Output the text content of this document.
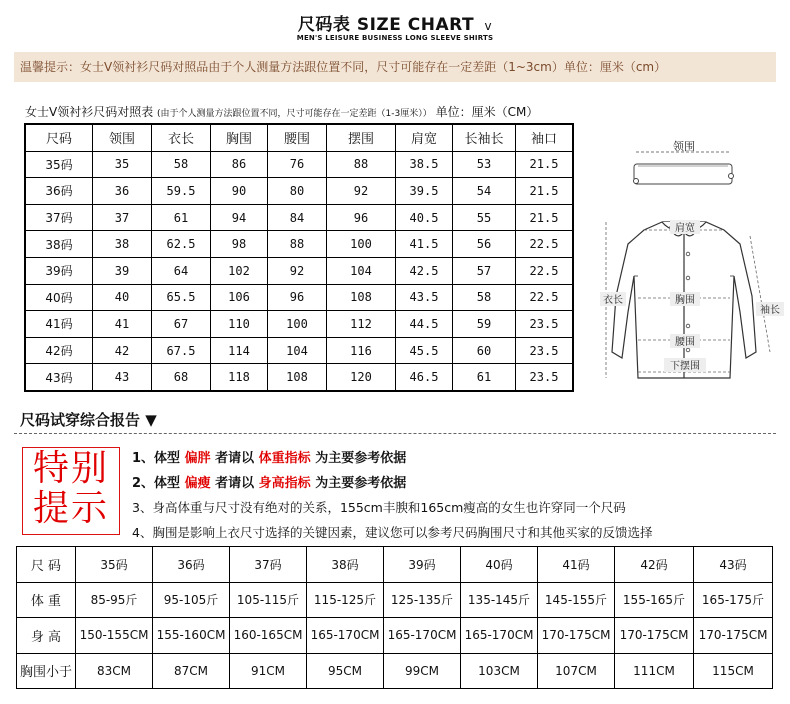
尺码表 SIZE CHART v
MEN'S LEISURE BUSINESS LONG SLEEVE SHIRTS
温馨提示：女士V领衬衫尺码对照品由于个人测量方法跟位置不同，尺寸可能存在一定差距（1~3cm）单位：厘米（cm）
女士V领衬衫尺码对照表 (由于个人测量方法跟位置不同，尺寸可能存在一定差距（1-3厘米）） 单位：厘米（CM）
尺码	领围	衣长	胸围	腰围	摆围	肩宽	长袖长	袖口
35码	35	58	86	76	88	38.5	53	21.5
36码	36	59.5	90	80	92	39.5	54	21.5
37码	37	61	94	84	96	40.5	55	21.5
38码	38	62.5	98	88	100	41.5	56	22.5
39码	39	64	102	92	104	42.5	57	22.5
40码	40	65.5	106	96	108	43.5	58	22.5
41码	41	67	110	100	112	44.5	59	23.5
42码	42	67.5	114	104	116	45.5	60	23.5
43码	43	68	118	108	120	46.5	61	23.5
领围
肩宽
衣长	胸围
袖长
腰围
下摆围
尺码试穿综合报告 ▼
特别
提示
1、体型 偏胖 者请以 体重指标 为主要参考依据
2、体型 偏瘦 者请以 身高指标 为主要参考依据
3、身高体重与尺寸没有绝对的关系，155cm丰腴和165cm瘦高的女生也许穿同一个尺码
4、胸围是影响上衣尺寸选择的关键因素，建议您可以参考尺码胸围尺寸和其他买家的反馈选择
尺 码	35码	36码	37码	38码	39码	40码	41码	42码	43码
体 重	85-95斤	95-105斤	105-115斤	115-125斤	125-135斤	135-145斤	145-155斤	155-165斤	165-175斤
身 高	150-155CM	155-160CM	160-165CM	165-170CM	165-170CM	165-170CM	170-175CM	170-175CM	170-175CM
胸围小于	83CM	87CM	91CM	95CM	99CM	103CM	107CM	111CM	115CM
